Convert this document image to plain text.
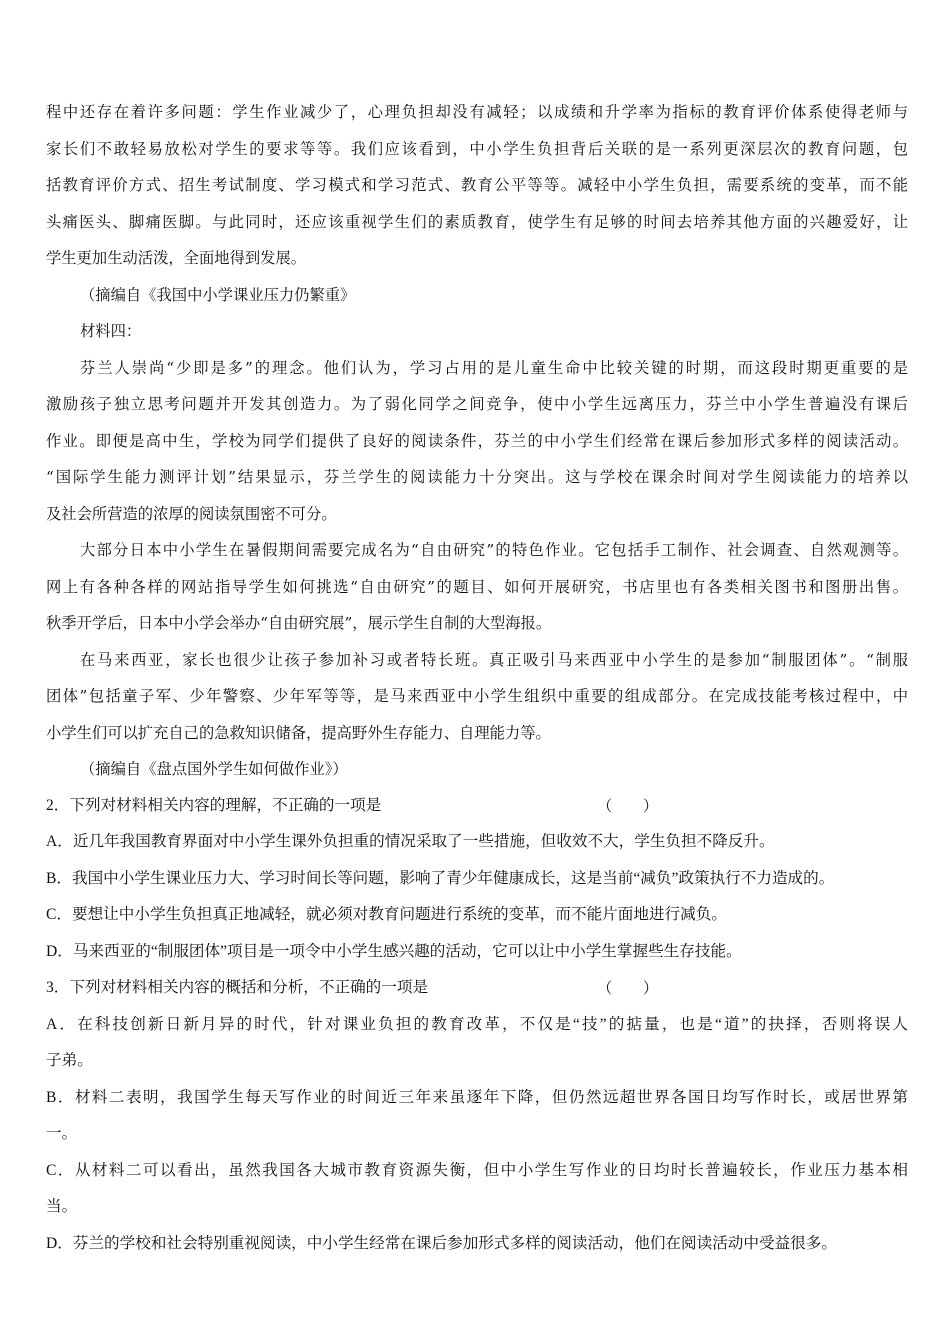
程中还存在着许多问题：学生作业减少了，心理负担却没有减轻；以成绩和升学率为指标的教育评价体系使得老师与
家长们不敢轻易放松对学生的要求等等。我们应该看到，中小学生负担背后关联的是一系列更深层次的教育问题，包
括教育评价方式、招生考试制度、学习模式和学习范式、教育公平等等。减轻中小学生负担，需要系统的变革，而不能
头痛医头、脚痛医脚。与此同时，还应该重视学生们的素质教育，使学生有足够的时间去培养其他方面的兴趣爱好，让
学生更加生动活泼，全面地得到发展。
（摘编自《我国中小学课业压力仍繁重》
材料四：
芬兰人崇尚“少即是多”的理念。他们认为，学习占用的是儿童生命中比较关键的时期，而这段时期更重要的是
激励孩子独立思考问题并开发其创造力。为了弱化同学之间竞争，使中小学生远离压力，芬兰中小学生普遍没有课后
作业。即便是高中生，学校为同学们提供了良好的阅读条件，芬兰的中小学生们经常在课后参加形式多样的阅读活动。
“国际学生能力测评计划”结果显示，芬兰学生的阅读能力十分突出。这与学校在课余时间对学生阅读能力的培养以
及社会所营造的浓厚的阅读氛围密不可分。
大部分日本中小学生在暑假期间需要完成名为“自由研究”的特色作业。它包括手工制作、社会调查、自然观测等。
网上有各种各样的网站指导学生如何挑选“自由研究”的题目、如何开展研究，书店里也有各类相关图书和图册出售。
秋季开学后，日本中小学会举办“自由研究展”，展示学生自制的大型海报。
在马来西亚，家长也很少让孩子参加补习或者特长班。真正吸引马来西亚中小学生的是参加“制服团体”。“制服
团体”包括童子军、少年警察、少年军等等，是马来西亚中小学生组织中重要的组成部分。在完成技能考核过程中，中
小学生们可以扩充自己的急救知识储备，提高野外生存能力、自理能力等。
（摘编自《盘点国外学生如何做作业》）
2．下列对材料相关内容的理解，不正确的一项是	（　　）
A．近几年我国教育界面对中小学生课外负担重的情况采取了一些措施，但收效不大，学生负担不降反升。
B．我国中小学生课业压力大、学习时间长等问题，影响了青少年健康成长，这是当前“减负”政策执行不力造成的。
C．要想让中小学生负担真正地减轻，就必须对教育问题进行系统的变革，而不能片面地进行减负。
D．马来西亚的“制服团体”项目是一项令中小学生感兴趣的活动，它可以让中小学生掌握些生存技能。
3．下列对材料相关内容的概括和分析，不正确的一项是	（　　）
A．在科技创新日新月异的时代，针对课业负担的教育改革，不仅是“技”的掂量，也是“道”的抉择，否则将误人
子弟。
B．材料二表明，我国学生每天写作业的时间近三年来虽逐年下降，但仍然远超世界各国日均写作时长，或居世界第
一。
C．从材料二可以看出，虽然我国各大城市教育资源失衡，但中小学生写作业的日均时长普遍较长，作业压力基本相
当。
D．芬兰的学校和社会特别重视阅读，中小学生经常在课后参加形式多样的阅读活动，他们在阅读活动中受益很多。
